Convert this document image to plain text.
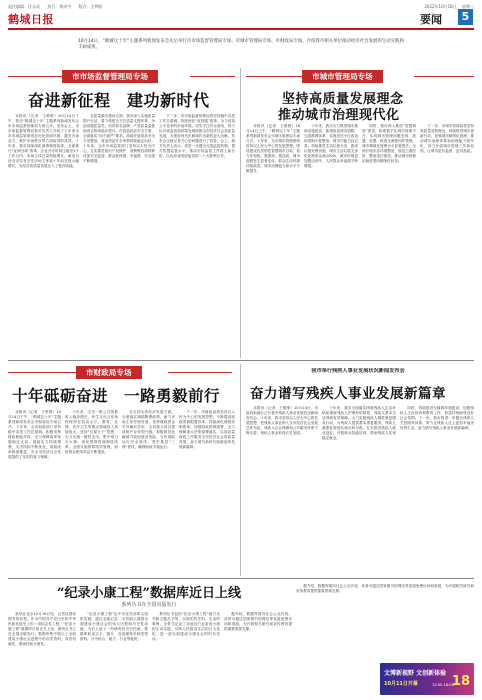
责任编辑：任永成 执行：黄泽宇 版式：王梦阳	2022年10月18日 星期二
鹤城日报	要闻	5
10月14日，“鹤城这十年”主题系列新闻发布会先后举行市市场监督管理局专场、市城市管理局专场、市财政局专场。介绍我市相关单位推动经济社会发展的生动实践和丰硕成果。
市市场监督管理局专场
奋进新征程　建功新时代

本报讯（记者　王维维）10月14日下午，我市“鹤城这十年”主题系列新闻发布会市市场监督管理局专场召开。发布会上，市市场监督管理局相关负责人介绍了十年来全市市场监管系统在优化营商环境、激发市场活力、维护市场秩序等方面取得的成效。十年来，我市持续深化商事制度改革，全面推行“证照分离”改革，企业开办时间压缩至1个工作日内，市场主体总量持续增长，截至目前全市实有各类市场主体较十年前实现大幅增长，为经济高质量发展注入了强劲动能。

在质量强市建设方面，我市深入实施质量提升行动，着力构建全方位质量支撑体系，争创省级质量奖、培育知名品牌，产品质量监督抽查合格率稳步提升。在食品药品安全方面，全面落实“四个最严”要求，持续开展食品安全专项整治，食品药品安全形势持续稳定向好。十年来，全市市场监管部门坚持以人民为中心，扎实推进知识产权保护、消费维权和特种设备安全监管，群众获得感、幸福感、安全感不断增强。

下一步，市市场监督管理局将坚持稳中求进工作总基调，持续深化“放管服”改革，全力营造公平竞争的市场环境，切实守住安全底线，努力以市场监管高质量发展助推全市经济社会高质量发展，为建设现代化鹤城作出新的更大贡献。发布会还就记者关心的问题进行了回答。会上，相关负责人表示，将进一步健全完善监管机制，提升智慧监管水平，推动市场监管工作再上新台阶，以优异成绩迎接党的二十大胜利召开。

市城市管理局专场
坚持高质量发展理念
推动城市治理现代化

本报讯（记者　王维维）10月14日上午，“鹤城这十年”主题系列新闻发布会市城市管理局专场召开。十年来，全市城市管理系统坚持以人民为中心的发展思想，围绕建设宜居韧性智慧城市目标，着力补短板、强弱项、提品质，城市面貌发生显著变化，群众生活环境持续改善，城市治理能力和水平不断提升。

十年来，我市大力推进城市基础设施建设，新建改造城市道路，完善路网体系，实施老旧小区改造和背街小巷整治，城市功能日趋完善。持续推进生活垃圾分类，建成垃圾处理设施，城市生活垃圾无害化处理率达到100%，城市环境更加整洁有序，人民群众幸福感不断增强。

同时，我市深入推进“智慧城管”建设，构建数字化城市管理平台，实现城市管理问题发现、派遣、处置、核查全流程闭环管理，城市精细化管理水平显著提升。全面开展市容环境整治，规范占道经营，整治违法建设，推动城市管理由粗放型向精细化转变。

下一步，市城市管理局将坚持高质量发展理念，持续推进城市更新行动，加强城市精细化管理，推动城市治理体系和治理能力现代化，奋力开创城市管理工作新局面，让城市更有温度、更具品质。

市财政局专场
十年砥砺奋进　一路勇毅前行

本报讯（记者　王维维）10月14日下午，“鹤城这十年”主题系列新闻发布会市财政局专场召开。十年来，全市财政部门坚持稳中求进工作总基调，积极发挥财政职能作用，全力保障改革发展稳定大局，财政实力持续增强，支出结构不断优化，财政改革纵深推进，为全市经济社会发展提供了坚实的财力保障。

十年来，全市一般公共预算收入稳步增长，民生支出占比始终保持在较高水平，教育、社保、医疗卫生等重点领域投入持续加大。坚持“过紧日子”思想，大力压减一般性支出，集中财力办大事。深化预算管理制度改革，全面实施预算绩效管理，财政资金使用效益不断提高。

在支持实体经济发展方面，全面落实减税降费政策，助力市场主体纾困发展，发挥财政资金引导撬动作用，支持重大项目建设和产业转型升级。积极防范化解地方政府债务风险，守牢财政运行安全底线，兜牢基层“三保”底线，确保财政平稳运行。

下一步，市财政局将坚持以人民为中心的发展思想，不断提高财政资源配置效率，持续深化财税体制改革，加强财政资源统筹，全力保障重大决策部署落实，以高质量财政工作服务全市经济社会高质量发展，奋力谱写新时代财政改革发展新篇章。

我市举行残疾人事业发展状况新闻发布会
奋力谱写残疾人事业发展新篇章

本报讯（记者　王维维）10月14日，市政府新闻办召开我市残疾人事业发展状况新闻发布会。十年来，我市坚持以人民为中心的发展思想，把残疾人事业纳入全市经济社会发展总体布局，残疾人社会保障和公共服务体系不断完善，残疾人事业取得长足发展。

十年来，我市全面落实困难残疾人生活补贴和重度残疾人护理补贴制度，残疾人基本生活得到有效保障。大力实施残疾人精准康复服务行动，为残疾人提供基本康复服务，残疾儿童康复救助实现应救尽救。扎实推进残疾人就业创业，开展职业技能培训，帮助残疾人实现稳定就业。

同时，持续推进无障碍环境建设，加强残疾人文化体育和教育工作，营造扶残助残良好社会氛围。下一步，我市将进一步健全残疾人关爱服务体系，努力让残疾人过上更加幸福美好的生活，奋力谱写残疾人事业发展新篇章。

“纪录小康工程”数据库近日上线
系列丛书在全国出版发行

新华社北京10月16日电　记者从国家图书馆获悉，作为中国共产党历史和中华民族发展史上的一项标志性工程，“纪录小康工程”数据库日前正式上线，系列丛书已在全国出版发行。数据库集中展示了全面建成小康社会进程中的各类资料，具有权威性、系统性和全面性。

“纪录小康工程”由中央宣传部牵头组织实施，通过全面记录、全景展示我国全面建成小康社会的伟大历程和历史性成就，为后人留下一份珍贵的历史档案。数据库收录文字、图片、音视频等多种类型资料，分为综合、地方、行业等板块。

系列丛书包括“纪录小康工程”地方丛书和主题丛书等，以翔实的史料、生动的事例，全景式记录了各地各行业奋进小康的生动实践，反映人民群众生活的巨大变化，是一部全面建成小康社会的时代史诗。

据介绍，数据库面向社会公众开放，读者可通过国家图书馆网站等渠道免费访问和查阅，为开展相关研究和宣传教育提供重要资源支撑。

据介绍，数据库面向社会公众开放，读者可通过国家图书馆网站等渠道免费访问和查阅，为开展相关研究和宣传教育提供重要资源支撑。

文博新视野 文创新体验
10月11日开幕	18
12:00-18:00
